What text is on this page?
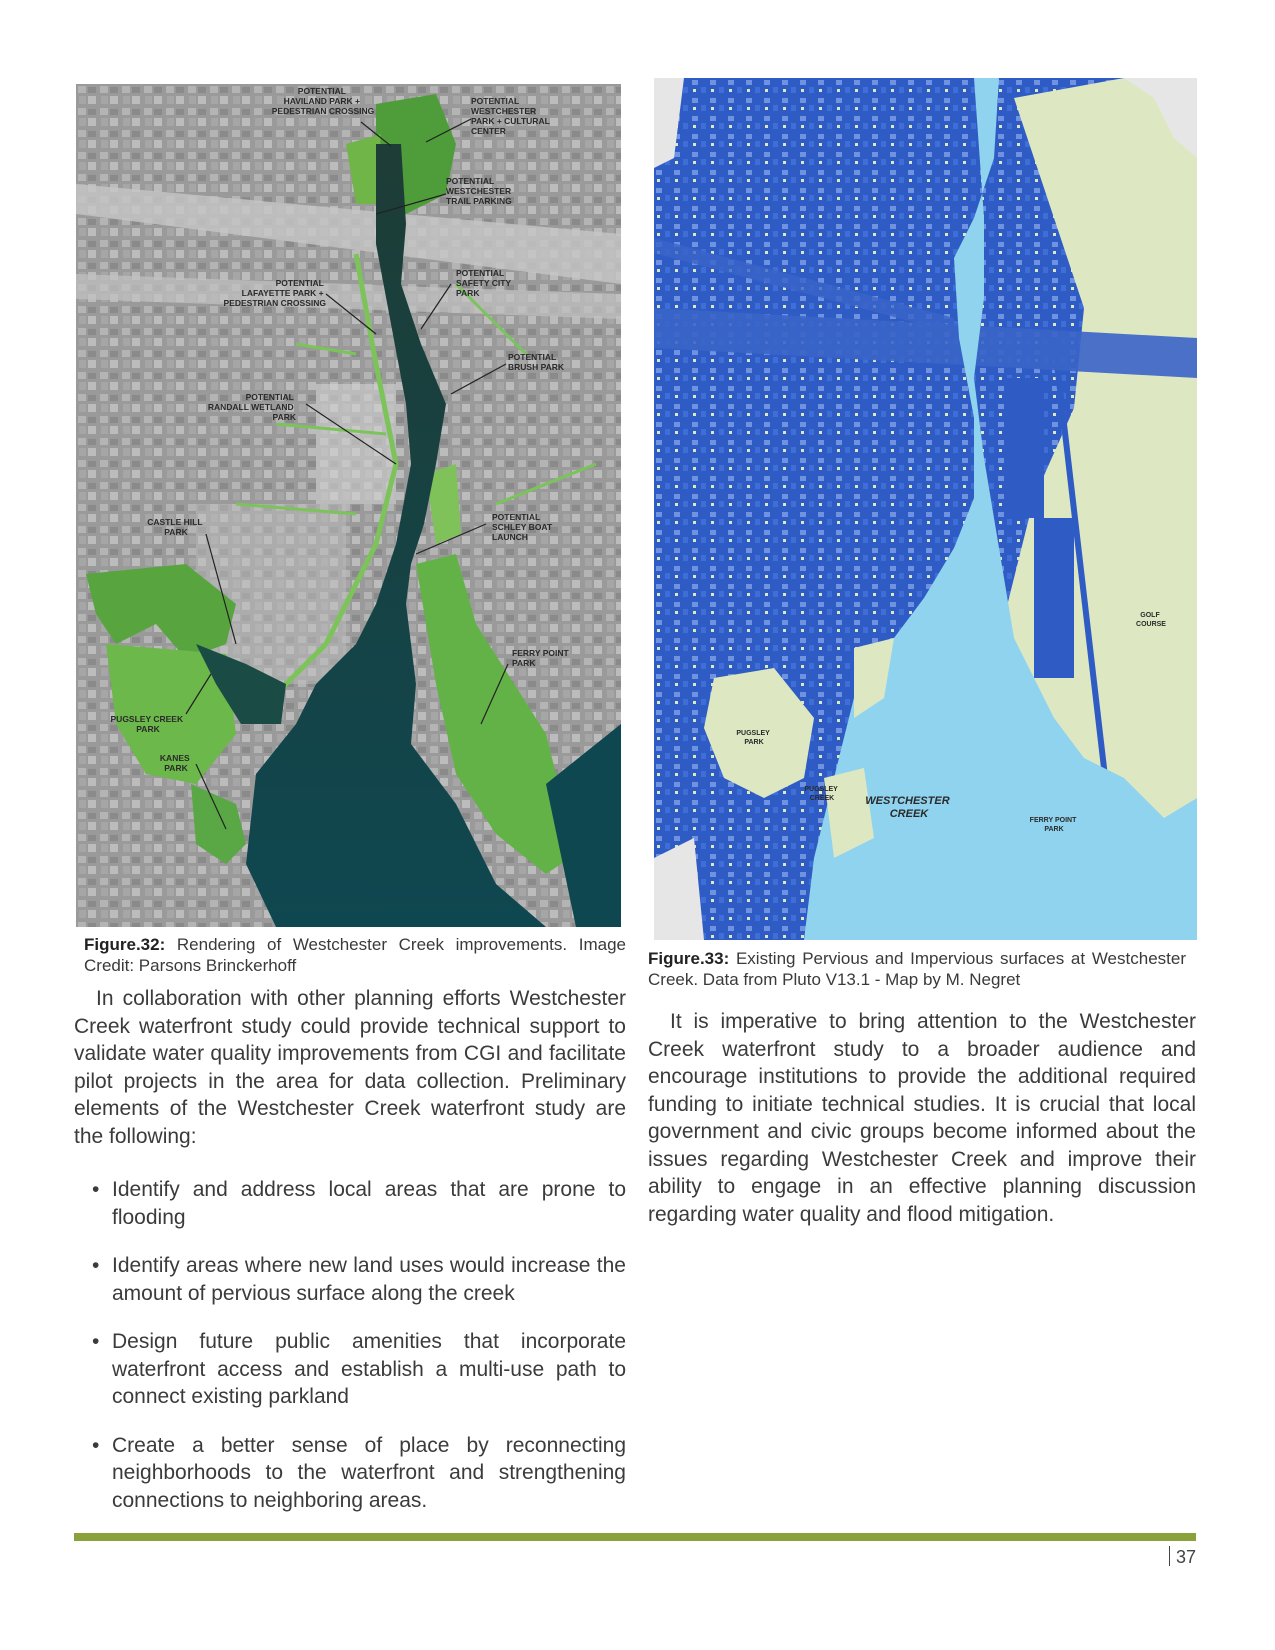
POTENTIAL HAVILAND PARK + PEDESTRIAN CROSSING
POTENTIAL WESTCHESTER PARK + CULTURAL CENTER
POTENTIAL WESTCHESTER TRAIL PARKING
POTENTIAL LAFAYETTE PARK + PEDESTRIAN CROSSING
POTENTIAL SAFETY CITY PARK
POTENTIAL BRUSH PARK
POTENTIAL RANDALL WETLAND PARK
CASTLE HILL PARK
POTENTIAL SCHLEY BOAT LAUNCH
FERRY POINT PARK
PUGSLEY CREEK PARK
KANES PARK
WESTCHESTER CREEK
GOLF COURSE
PUGSLEY PARK
PUGSLEY CREEK
FERRY POINT PARK
Figure.32: Rendering of Westchester Creek improvements. Image Credit: Parsons Brinckerhoff	Figure.33: Existing Pervious and Impervious surfaces at Westchester Creek. Data from Pluto V13.1 - Map by M. Negret

In collaboration with other planning efforts Westchester Creek waterfront study could provide technical support to validate water quality improvements from CGI and facilitate pilot projects in the area for data collection. Preliminary elements of the Westchester Creek waterfront study are the following:

• Identify and address local areas that are prone to flooding
• Identify areas where new land uses would increase the amount of pervious surface along the creek
• Design future public amenities that incorporate waterfront access and establish a multi-use path to connect existing parkland
• Create a better sense of place by reconnecting neighborhoods to the waterfront and strengthening connections to neighboring areas.

It is imperative to bring attention to the Westchester Creek waterfront study to a broader audience and encourage institutions to provide the additional required funding to initiate technical studies. It is crucial that local government and civic groups become informed about the issues regarding Westchester Creek and improve their ability to engage in an effective planning discussion regarding water quality and flood mitigation.

37
